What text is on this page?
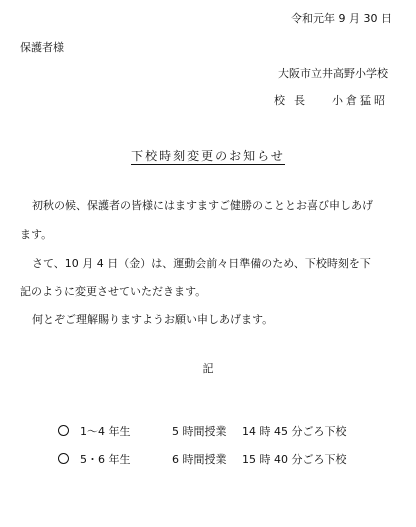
令和元年 9 月 30 日
保護者様
大阪市立井高野小学校
校長 小倉猛昭
下校時刻変更のお知らせ
初秋の候、保護者の皆様にはますますご健勝のこととお喜び申しあげ
ます。
さて、10 月 4 日（金）は、運動会前々日準備のため、下校時刻を下
記のように変更させていただきます。
何とぞご理解賜りますようお願い申しあげます。
記
1～4 年生	5 時間授業 14 時 45 分ごろ下校
5・6 年生	6 時間授業 15 時 40 分ごろ下校
